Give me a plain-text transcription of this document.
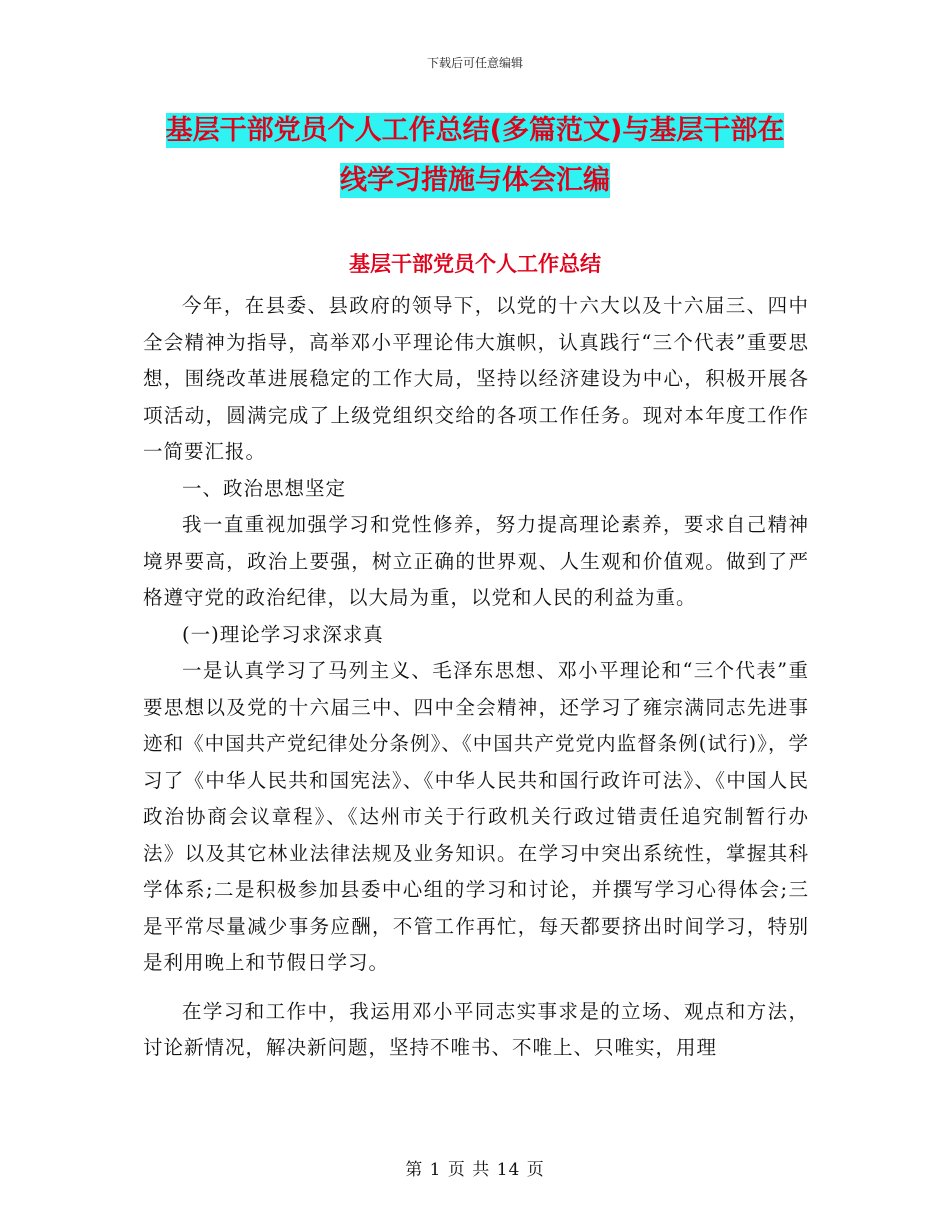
下载后可任意编辑
基层干部党员个人工作总结(多篇范文)与基层干部在
线学习措施与体会汇编
基层干部党员个人工作总结

今年，在县委、县政府的领导下，以党的十六大以及十六届三、四中全会精神为指导，高举邓小平理论伟大旗帜，认真践行“三个代表”重要思想，围绕改革进展稳定的工作大局，坚持以经济建设为中心，积极开展各项活动，圆满完成了上级党组织交给的各项工作任务。现对本年度工作作一简要汇报。

一、政治思想坚定

我一直重视加强学习和党性修养，努力提高理论素养，要求自己精神境界要高，政治上要强，树立正确的世界观、人生观和价值观。做到了严格遵守党的政治纪律，以大局为重，以党和人民的利益为重。

(一)理论学习求深求真

一是认真学习了马列主义、毛泽东思想、邓小平理论和“三个代表”重要思想以及党的十六届三中、四中全会精神，还学习了雍宗满同志先进事迹和《中国共产党纪律处分条例》、《中国共产党党内监督条例(试行)》，学习了《中华人民共和国宪法》、《中华人民共和国行政许可法》、《中国人民政治协商会议章程》、《达州市关于行政机关行政过错责任追究制暂行办法》以及其它林业法律法规及业务知识。在学习中突出系统性，掌握其科学体系;二是积极参加县委中心组的学习和讨论，并撰写学习心得体会;三是平常尽量减少事务应酬，不管工作再忙，每天都要挤出时间学习，特别是利用晚上和节假日学习。

在学习和工作中，我运用邓小平同志实事求是的立场、观点和方法，讨论新情况，解决新问题，坚持不唯书、不唯上、只唯实，用理

第 1 页 共 14 页
